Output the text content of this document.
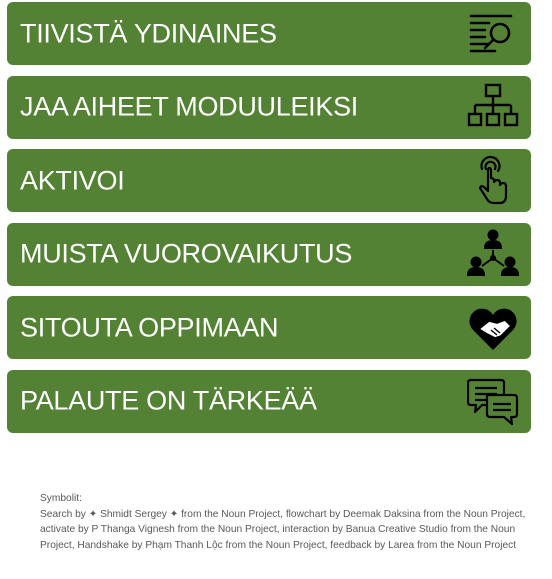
TIIVISTÄ YDINAINES
JAA AIHEET MODUULEIKSI
AKTIVOI
MUISTA VUOROVAIKUTUS
SITOUTA OPPIMAAN
PALAUTE ON TÄRKEÄÄ
Symbolit:
Search by ✦ Shmidt Sergey ✦ from the Noun Project, flowchart by Deemak Daksina from the Noun Project, activate by P Thanga Vignesh from the Noun Project, interaction by Banua Creative Studio from the Noun Project, Handshake by Phạm Thanh Lộc from the Noun Project, feedback by Larea from the Noun Project
